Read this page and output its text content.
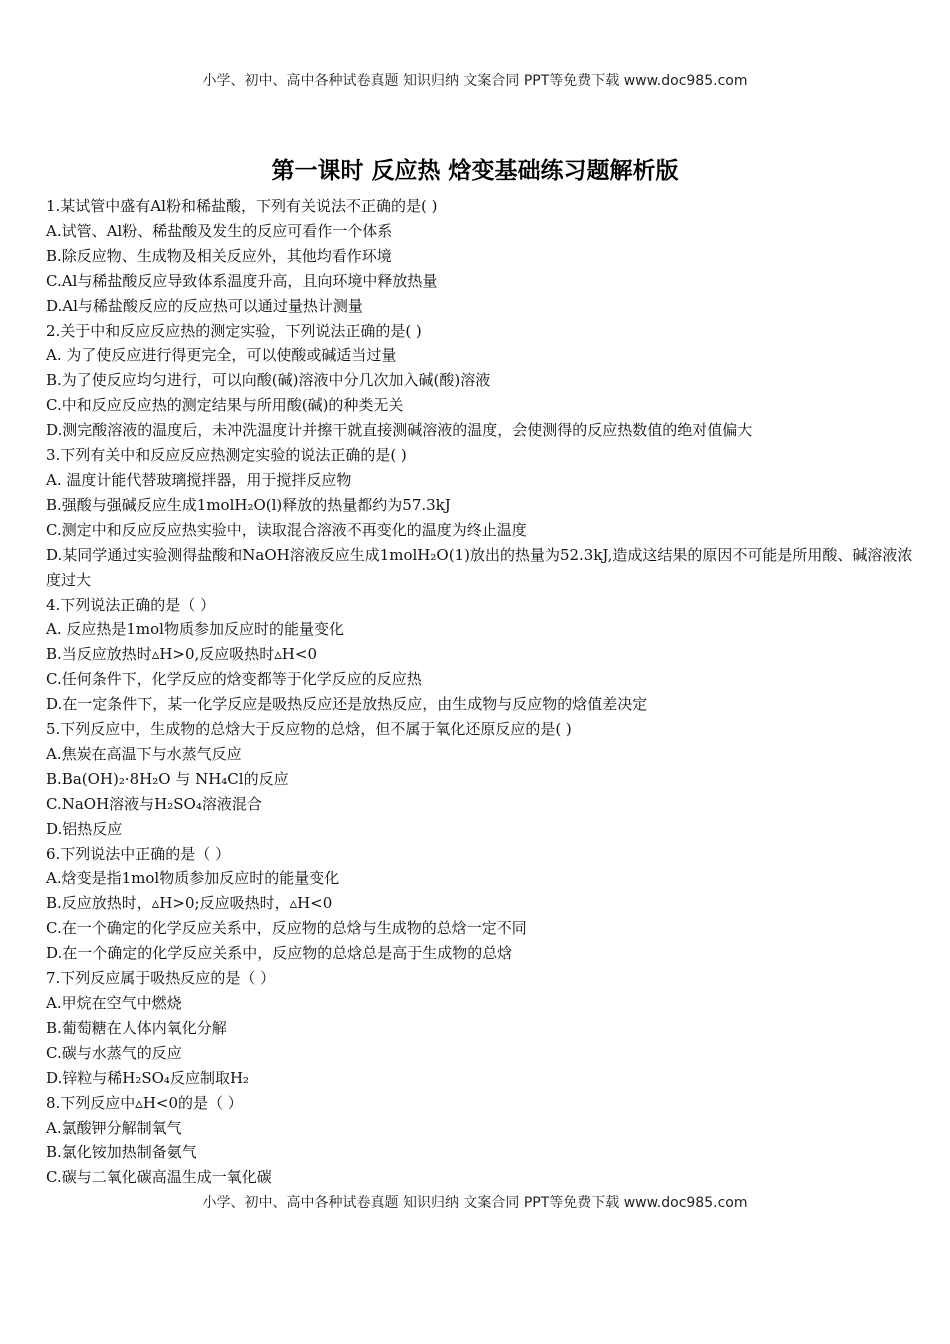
小学、初中、高中各种试卷真题 知识归纳 文案合同 PPT等免费下载 www.doc985.com
第一课时 反应热 焓变基础练习题解析版
1.某试管中盛有Al粉和稀盐酸，下列有关说法不正确的是( )
A.试管、Al粉、稀盐酸及发生的反应可看作一个体系
B.除反应物、生成物及相关反应外，其他均看作环境
C.Al与稀盐酸反应导致体系温度升高，且向环境中释放热量
D.Al与稀盐酸反应的反应热可以通过量热计测量
2.关于中和反应反应热的测定实验，下列说法正确的是( )
A. 为了使反应进行得更完全，可以使酸或碱适当过量
B.为了使反应均匀进行，可以向酸(碱)溶液中分几次加入碱(酸)溶液
C.中和反应反应热的测定结果与所用酸(碱)的种类无关
D.测完酸溶液的温度后，未冲洗温度计并擦干就直接测碱溶液的温度，会使测得的反应热数值的绝对值偏大
3.下列有关中和反应反应热测定实验的说法正确的是( )
A. 温度计能代替玻璃搅拌器，用于搅拌反应物
B.强酸与强碱反应生成1molH₂O(l)释放的热量都约为57.3kJ
C.测定中和反应反应热实验中，读取混合溶液不再变化的温度为终止温度
D.某同学通过实验测得盐酸和NaOH溶液反应生成1molH₂O(1)放出的热量为52.3kJ,造成这结果的原因不可能是所用酸、碱溶液浓度过大
4.下列说法正确的是（ ）
A. 反应热是1mol物质参加反应时的能量变化
B.当反应放热时▵H>0,反应吸热时▵H<0
C.任何条件下，化学反应的焓变都等于化学反应的反应热
D.在一定条件下，某一化学反应是吸热反应还是放热反应，由生成物与反应物的焓值差决定
5.下列反应中，生成物的总焓大于反应物的总焓，但不属于氧化还原反应的是( )
A.焦炭在高温下与水蒸气反应
B.Ba(OH)₂·8H₂O 与 NH₄Cl的反应
C.NaOH溶液与H₂SO₄溶液混合
D.铝热反应
6.下列说法中正确的是（ ）
A.焓变是指1mol物质参加反应时的能量变化
B.反应放热时，▵H>0;反应吸热时，▵H<0
C.在一个确定的化学反应关系中，反应物的总焓与生成物的总焓一定不同
D.在一个确定的化学反应关系中，反应物的总焓总是高于生成物的总焓
7.下列反应属于吸热反应的是（ ）
A.甲烷在空气中燃烧
B.葡萄糖在人体内氧化分解
C.碳与水蒸气的反应
D.锌粒与稀H₂SO₄反应制取H₂
8.下列反应中▵H<0的是（ ）
A.氯酸钾分解制氧气
B.氯化铵加热制备氨气
C.碳与二氧化碳高温生成一氧化碳
小学、初中、高中各种试卷真题 知识归纳 文案合同 PPT等免费下载 www.doc985.com
